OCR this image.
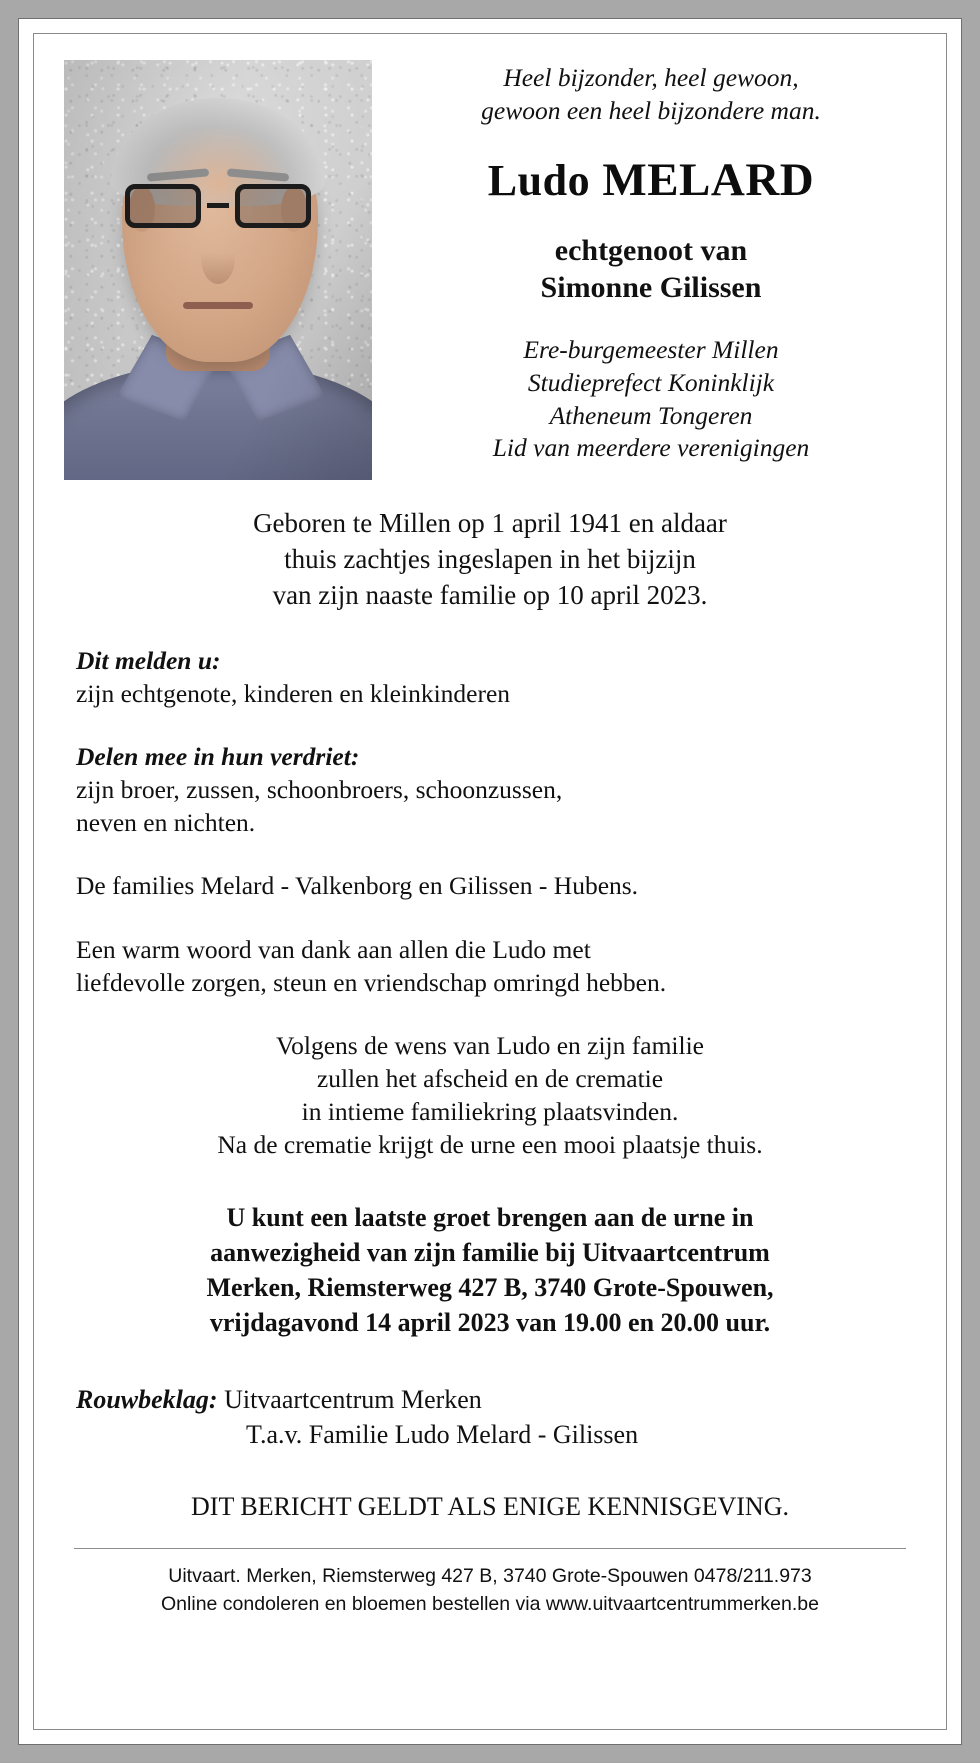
Heel bijzonder, heel gewoon,
gewoon een heel bijzondere man.
Ludo MELARD
echtgenoot van
Simonne Gilissen
Ere-burgemeester Millen
Studieprefect Koninklijk
Atheneum Tongeren
Lid van meerdere verenigingen
Geboren te Millen op 1 april 1941 en aldaar
thuis zachtjes ingeslapen in het bijzijn
van zijn naaste familie op 10 april 2023.
Dit melden u:
zijn echtgenote, kinderen en kleinkinderen
Delen mee in hun verdriet:
zijn broer, zussen, schoonbroers, schoonzussen,
neven en nichten.
De families Melard - Valkenborg en Gilissen - Hubens.
Een warm woord van dank aan allen die Ludo met
liefdevolle zorgen, steun en vriendschap omringd hebben.
Volgens de wens van Ludo en zijn familie
zullen het afscheid en de crematie
in intieme familiekring plaatsvinden.
Na de crematie krijgt de urne een mooi plaatsje thuis.
U kunt een laatste groet brengen aan de urne in
aanwezigheid van zijn familie bij Uitvaartcentrum
Merken, Riemsterweg 427 B, 3740 Grote-Spouwen,
vrijdagavond 14 april 2023 van 19.00 en 20.00 uur.
Rouwbeklag: Uitvaartcentrum Merken
T.a.v. Familie Ludo Melard - Gilissen
DIT BERICHT GELDT ALS ENIGE KENNISGEVING.
Uitvaart. Merken, Riemsterweg 427 B, 3740 Grote-Spouwen 0478/211.973
Online condoleren en bloemen bestellen via www.uitvaartcentrummerken.be
